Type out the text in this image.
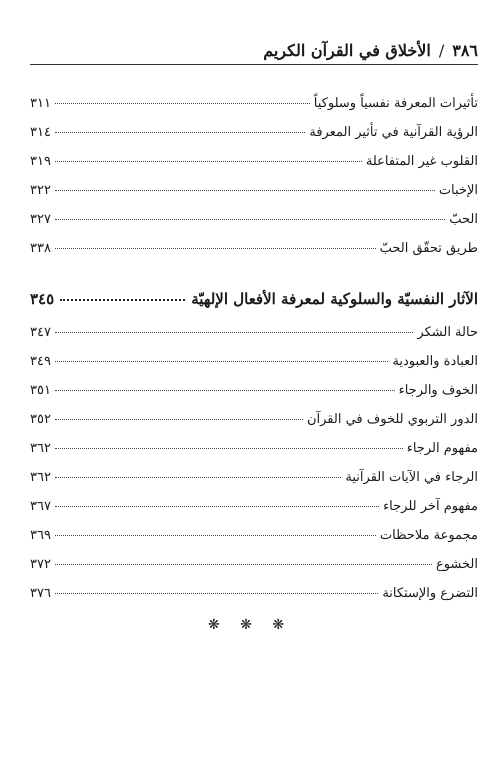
٣٨٦
/
الأخلاق في القرآن الكريم
تأثيرات المعرفة نفسياً وسلوكياً
٣١١
الرؤية القرآنية في تأثير المعرفة
٣١٤
القلوب غير المتفاعلة
٣١٩
الإخبات
٣٢٢
الحبّ
٣٢٧
طريق تحقّق الحبّ
٣٣٨
الآثار النفسيّة والسلوكية لمعرفة الأفعال الإلهيّة
٣٤٥
حالة الشكر
٣٤٧
العبادة والعبودية
٣٤٩
الخوف والرجاء
٣٥١
الدور التربوي للخوف في القرآن
٣٥٢
مفهوم الرجاء
٣٦٢
الرجاء في الآيات القرآنية
٣٦٢
مفهوم آخر للرجاء
٣٦٧
مجموعة ملاحظات
٣٦٩
الخشوع
٣٧٢
التضرع والإستكانة
٣٧٦
❋ ❋ ❋
